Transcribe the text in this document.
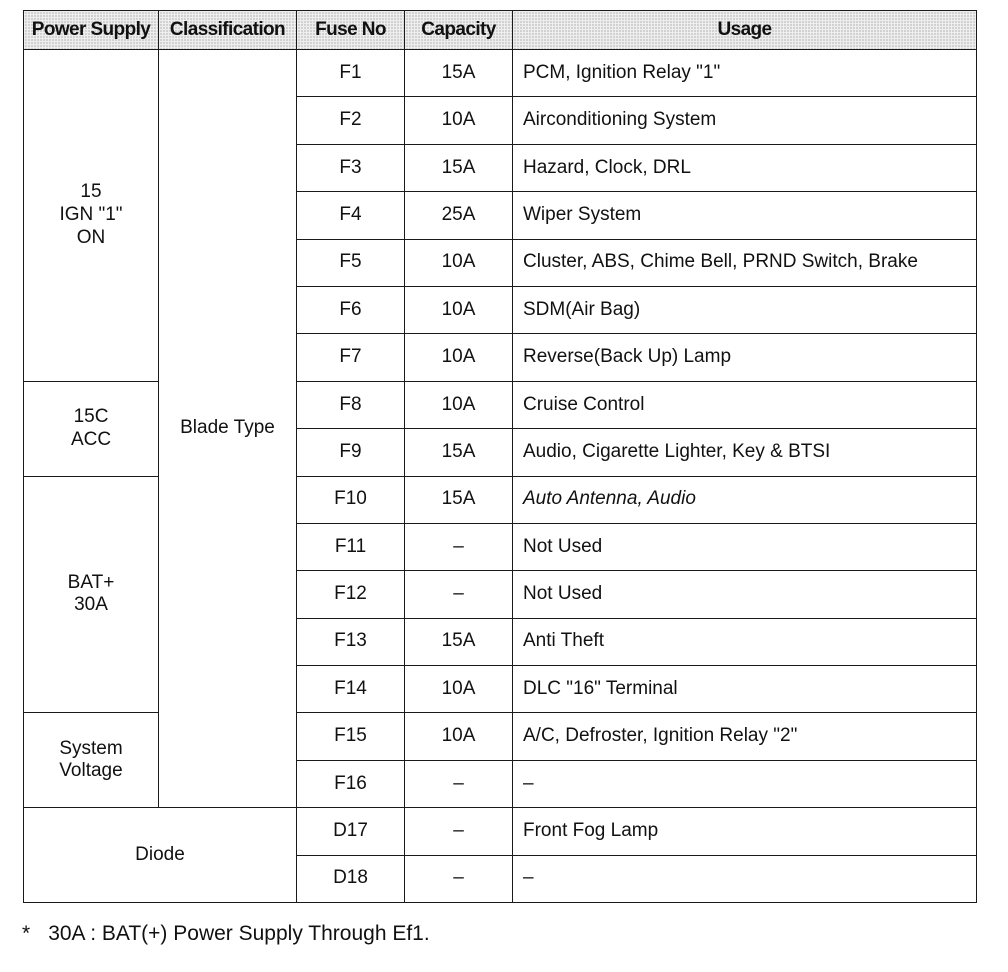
Power Supply	Classification	Fuse No	Capacity	Usage

15
IGN "1"
ON	Blade Type	F1	15A	PCM, Ignition Relay "1"
		F2	10A	Airconditioning System
		F3	15A	Hazard, Clock, DRL
		F4	25A	Wiper System
		F5	10A	Cluster, ABS, Chime Bell, PRND Switch, Brake
		F6	10A	SDM(Air Bag)
		F7	10A	Reverse(Back Up) Lamp

15C
ACC		F8	10A	Cruise Control
		F9	15A	Audio, Cigarette Lighter, Key & BTSI

BAT+
30A		F10	15A	Auto Antenna, Audio
		F11	–	Not Used
		F12	–	Not Used
		F13	15A	Anti Theft
		F14	10A	DLC "16" Terminal

System
Voltage		F15	10A	A/C, Defroster, Ignition Relay "2"
		F16	–	–
Diode		D17	–	Front Fog Lamp
		D18	–	–
* 30A : BAT(+) Power Supply Through Ef1.
